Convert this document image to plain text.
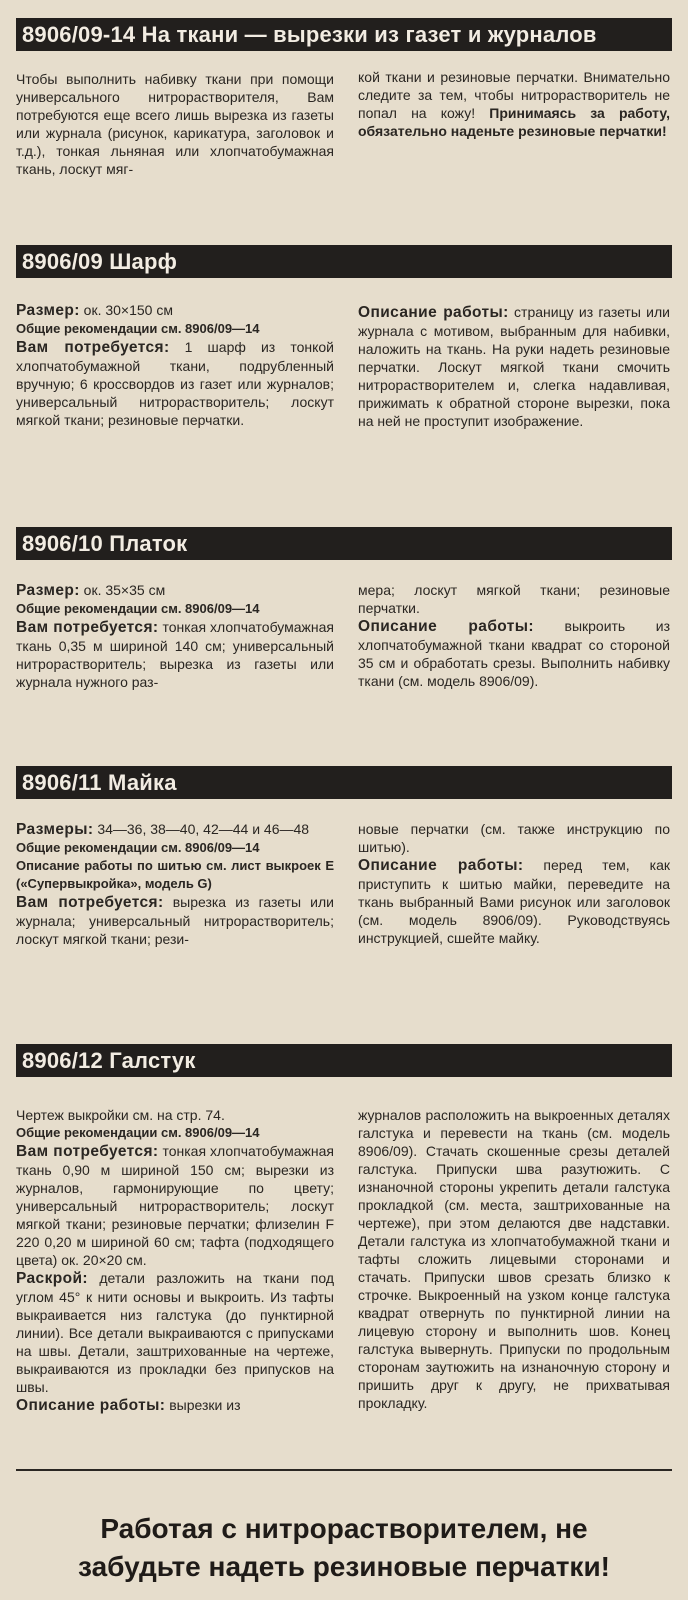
8906/09-14 На ткани — вырезки из газет и журналов

Чтобы выполнить набивку ткани при помощи универсального нитрорастворителя, Вам потребуются еще всего лишь вырезка из газеты или журнала (рисунок, карикатура, заголовок и т.д.), тонкая льняная или хлопчатобумажная ткань, лоскут мяг-

кой ткани и резиновые перчатки. Внимательно следите за тем, чтобы нитрорастворитель не попал на кожу! Принимаясь за работу, обязательно наденьте резиновые перчатки!

8906/09 Шарф

Размер: ок. 30×150 см

Общие рекомендации см. 8906/09—14

Вам потребуется: 1 шарф из тонкой хлопчатобумажной ткани, подрубленный вручную; 6 кроссвордов из газет или журналов; универсальный нитрорастворитель; лоскут мягкой ткани; резиновые перчатки.

Описание работы: страницу из газеты или журнала с мотивом, выбранным для набивки, наложить на ткань. На руки надеть резиновые перчатки. Лоскут мягкой ткани смочить нитрорастворителем и, слегка надавливая, прижимать к обратной стороне вырезки, пока на ней не проступит изображение.

8906/10 Платок

Размер: ок. 35×35 см

Общие рекомендации см. 8906/09—14

Вам потребуется: тонкая хлопчатобумажная ткань 0,35 м шириной 140 см; универсальный нитрорастворитель; вырезка из газеты или журнала нужного раз-

мера; лоскут мягкой ткани; резиновые перчатки.

Описание работы: выкроить из хлопчатобумажной ткани квадрат со стороной 35 см и обработать срезы. Выполнить набивку ткани (см. модель 8906/09).

8906/11 Майка

Размеры: 34—36, 38—40, 42—44 и 46—48

Общие рекомендации см. 8906/09—14

Описание работы по шитью см. лист выкроек Е («Супервыкройка», модель G)

Вам потребуется: вырезка из газеты или журнала; универсальный нитрорастворитель; лоскут мягкой ткани; рези-

новые перчатки (см. также инструкцию по шитью).

Описание работы: перед тем, как приступить к шитью майки, переведите на ткань выбранный Вами рисунок или заголовок (см. модель 8906/09). Руководствуясь инструкцией, сшейте майку.

8906/12 Галстук

Чертеж выкройки см. на стр. 74.

Общие рекомендации см. 8906/09—14

Вам потребуется: тонкая хлопчатобумажная ткань 0,90 м шириной 150 см; вырезки из журналов, гармонирующие по цвету; универсальный нитрорастворитель; лоскут мягкой ткани; резиновые перчатки; флизелин F 220 0,20 м шириной 60 см; тафта (подходящего цвета) ок. 20×20 см.

Раскрой: детали разложить на ткани под углом 45° к нити основы и выкроить. Из тафты выкраивается низ галстука (до пунктирной линии). Все детали выкраиваются с припусками на швы. Детали, заштрихованные на чертеже, выкраиваются из прокладки без припусков на швы.

Описание работы: вырезки из

журналов расположить на выкроенных деталях галстука и перевести на ткань (см. модель 8906/09). Стачать скошенные срезы деталей галстука. Припуски шва разутюжить. С изнаночной стороны укрепить детали галстука прокладкой (см. места, заштрихованные на чертеже), при этом делаются две надставки. Детали галстука из хлопчатобумажной ткани и тафты сложить лицевыми сторонами и стачать. Припуски швов срезать близко к строчке. Выкроенный на узком конце галстука квадрат отвернуть по пунктирной линии на лицевую сторону и выполнить шов. Конец галстука вывернуть. Припуски по продольным сторонам заутюжить на изнаночную сторону и пришить друг к другу, не прихватывая прокладку.

Работая с нитрорастворителем, не
забудьте надеть резиновые перчатки!
